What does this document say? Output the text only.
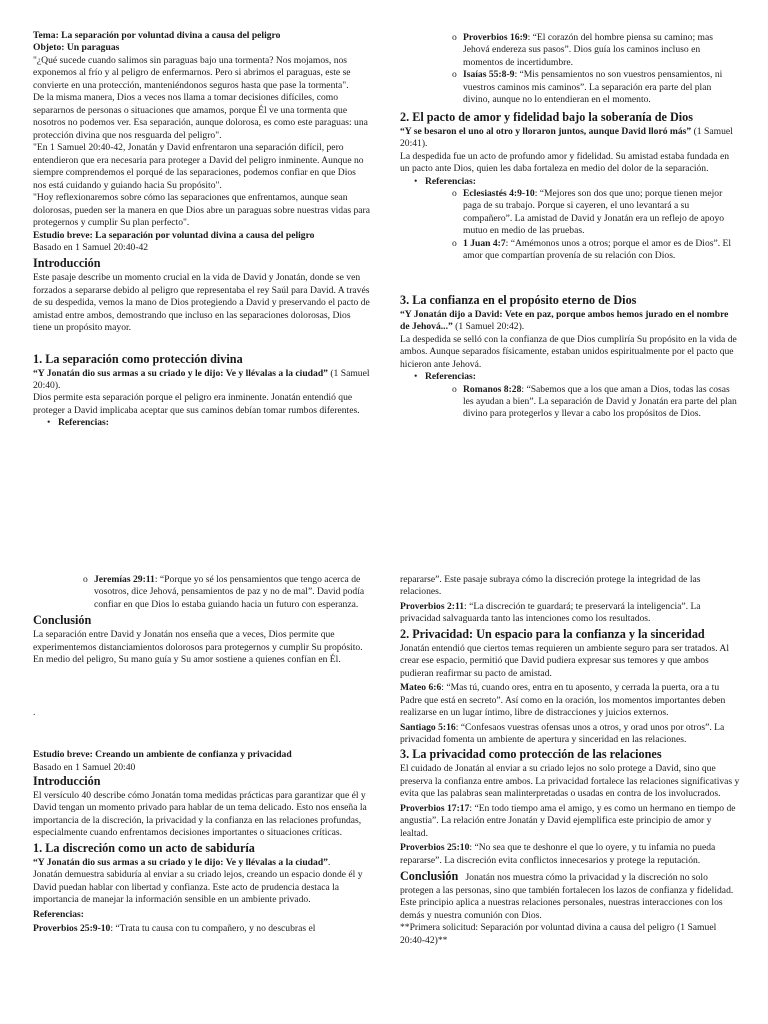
Tema: La separación por voluntad divina a causa del peligro

Objeto: Un paraguas

"¿Qué sucede cuando salimos sin paraguas bajo una tormenta? Nos mojamos, nos exponemos al frío y al peligro de enfermarnos. Pero si abrimos el paraguas, este se convierte en una protección, manteniéndonos seguros hasta que pase la tormenta".

De la misma manera, Dios a veces nos llama a tomar decisiones difíciles, como separarnos de personas o situaciones que amamos, porque Él ve una tormenta que nosotros no podemos ver. Esa separación, aunque dolorosa, es como este paraguas: una protección divina que nos resguarda del peligro".

"En 1 Samuel 20:40-42, Jonatán y David enfrentaron una separación difícil, pero entendieron que era necesaria para proteger a David del peligro inminente. Aunque no siempre comprendemos el porqué de las separaciones, podemos confiar en que Dios nos está cuidando y guiando hacia Su propósito".

"Hoy reflexionaremos sobre cómo las separaciones que enfrentamos, aunque sean dolorosas, pueden ser la manera en que Dios abre un paraguas sobre nuestras vidas para protegernos y cumplir Su plan perfecto".

Estudio breve: La separación por voluntad divina a causa del peligro

Basado en 1 Samuel 20:40-42

Introducción

Este pasaje describe un momento crucial en la vida de David y Jonatán, donde se ven forzados a separarse debido al peligro que representaba el rey Saúl para David. A través de su despedida, vemos la mano de Dios protegiendo a David y preservando el pacto de amistad entre ambos, demostrando que incluso en las separaciones dolorosas, Dios tiene un propósito mayor.

1. La separación como protección divina

“Y Jonatán dio sus armas a su criado y le dijo: Ve y llévalas a la ciudad” (1 Samuel 20:40).

Dios permite esta separación porque el peligro era inminente. Jonatán entendió que proteger a David implicaba aceptar que sus caminos debían tomar rumbos diferentes.

• Referencias:
o Proverbios 16:9: “El corazón del hombre piensa su camino; mas Jehová endereza sus pasos”. Dios guía los caminos incluso en momentos de incertidumbre.
o Isaías 55:8-9: “Mis pensamientos no son vuestros pensamientos, ni vuestros caminos mis caminos”. La separación era parte del plan divino, aunque no lo entendieran en el momento.
2. El pacto de amor y fidelidad bajo la soberanía de Dios

“Y se besaron el uno al otro y lloraron juntos, aunque David lloró más” (1 Samuel 20:41).

La despedida fue un acto de profundo amor y fidelidad. Su amistad estaba fundada en un pacto ante Dios, quien les daba fortaleza en medio del dolor de la separación.

• Referencias:
o Eclesiastés 4:9-10: “Mejores son dos que uno; porque tienen mejor paga de su trabajo. Porque si cayeren, el uno levantará a su compañero”. La amistad de David y Jonatán era un reflejo de apoyo mutuo en medio de las pruebas.
o 1 Juan 4:7: “Amémonos unos a otros; porque el amor es de Dios”. El amor que compartían provenía de su relación con Dios.
3. La confianza en el propósito eterno de Dios

“Y Jonatán dijo a David: Vete en paz, porque ambos hemos jurado en el nombre de Jehová...” (1 Samuel 20:42).

La despedida se selló con la confianza de que Dios cumpliría Su propósito en la vida de ambos. Aunque separados físicamente, estaban unidos espiritualmente por el pacto que hicieron ante Jehová.

• Referencias:
o Romanos 8:28: “Sabemos que a los que aman a Dios, todas las cosas les ayudan a bien”. La separación de David y Jonatán era parte del plan divino para protegerlos y llevar a cabo los propósitos de Dios.
o Jeremías 29:11: “Porque yo sé los pensamientos que tengo acerca de vosotros, dice Jehová, pensamientos de paz y no de mal”. David podía confiar en que Dios lo estaba guiando hacia un futuro con esperanza.
Conclusión

La separación entre David y Jonatán nos enseña que a veces, Dios permite que experimentemos distanciamientos dolorosos para protegernos y cumplir Su propósito. En medio del peligro, Su mano guía y Su amor sostiene a quienes confían en Él.

.

Estudio breve: Creando un ambiente de confianza y privacidad

Basado en 1 Samuel 20:40

Introducción

El versículo 40 describe cómo Jonatán toma medidas prácticas para garantizar que él y David tengan un momento privado para hablar de un tema delicado. Esto nos enseña la importancia de la discreción, la privacidad y la confianza en las relaciones profundas, especialmente cuando enfrentamos decisiones importantes o situaciones críticas.

1. La discreción como un acto de sabiduría

“Y Jonatán dio sus armas a su criado y le dijo: Ve y llévalas a la ciudad”.

Jonatán demuestra sabiduría al enviar a su criado lejos, creando un espacio donde él y David puedan hablar con libertad y confianza. Este acto de prudencia destaca la importancia de manejar la información sensible en un ambiente privado.

Referencias:

Proverbios 25:9-10: “Trata tu causa con tu compañero, y no descubras el

repararse”. Este pasaje subraya cómo la discreción protege la integridad de las relaciones.

Proverbios 2:11: “La discreción te guardará; te preservará la inteligencia”. La privacidad salvaguarda tanto las intenciones como los resultados.

2. Privacidad: Un espacio para la confianza y la sinceridad

Jonatán entendió que ciertos temas requieren un ambiente seguro para ser tratados. Al crear ese espacio, permitió que David pudiera expresar sus temores y que ambos pudieran reafirmar su pacto de amistad.

Mateo 6:6: “Mas tú, cuando ores, entra en tu aposento, y cerrada la puerta, ora a tu Padre que está en secreto”. Así como en la oración, los momentos importantes deben realizarse en un lugar íntimo, libre de distracciones y juicios externos.

Santiago 5:16: “Confesaos vuestras ofensas unos a otros, y orad unos por otros”. La privacidad fomenta un ambiente de apertura y sinceridad en las relaciones.

3. La privacidad como protección de las relaciones

El cuidado de Jonatán al enviar a su criado lejos no solo protege a David, sino que preserva la confianza entre ambos. La privacidad fortalece las relaciones significativas y evita que las palabras sean malinterpretadas o usadas en contra de los involucrados.

Proverbios 17:17: “En todo tiempo ama el amigo, y es como un hermano en tiempo de angustia”. La relación entre Jonatán y David ejemplifica este principio de amor y lealtad.

Proverbios 25:10: “No sea que te deshonre el que lo oyere, y tu infamia no pueda repararse”. La discreción evita conflictos innecesarios y protege la reputación.

Conclusión Jonatán nos muestra cómo la privacidad y la discreción no solo protegen a las personas, sino que también fortalecen los lazos de confianza y fidelidad. Este principio aplica a nuestras relaciones personales, nuestras interacciones con los demás y nuestra comunión con Dios.

**Primera solicitud: Separación por voluntad divina a causa del peligro (1 Samuel 20:40-42)**
